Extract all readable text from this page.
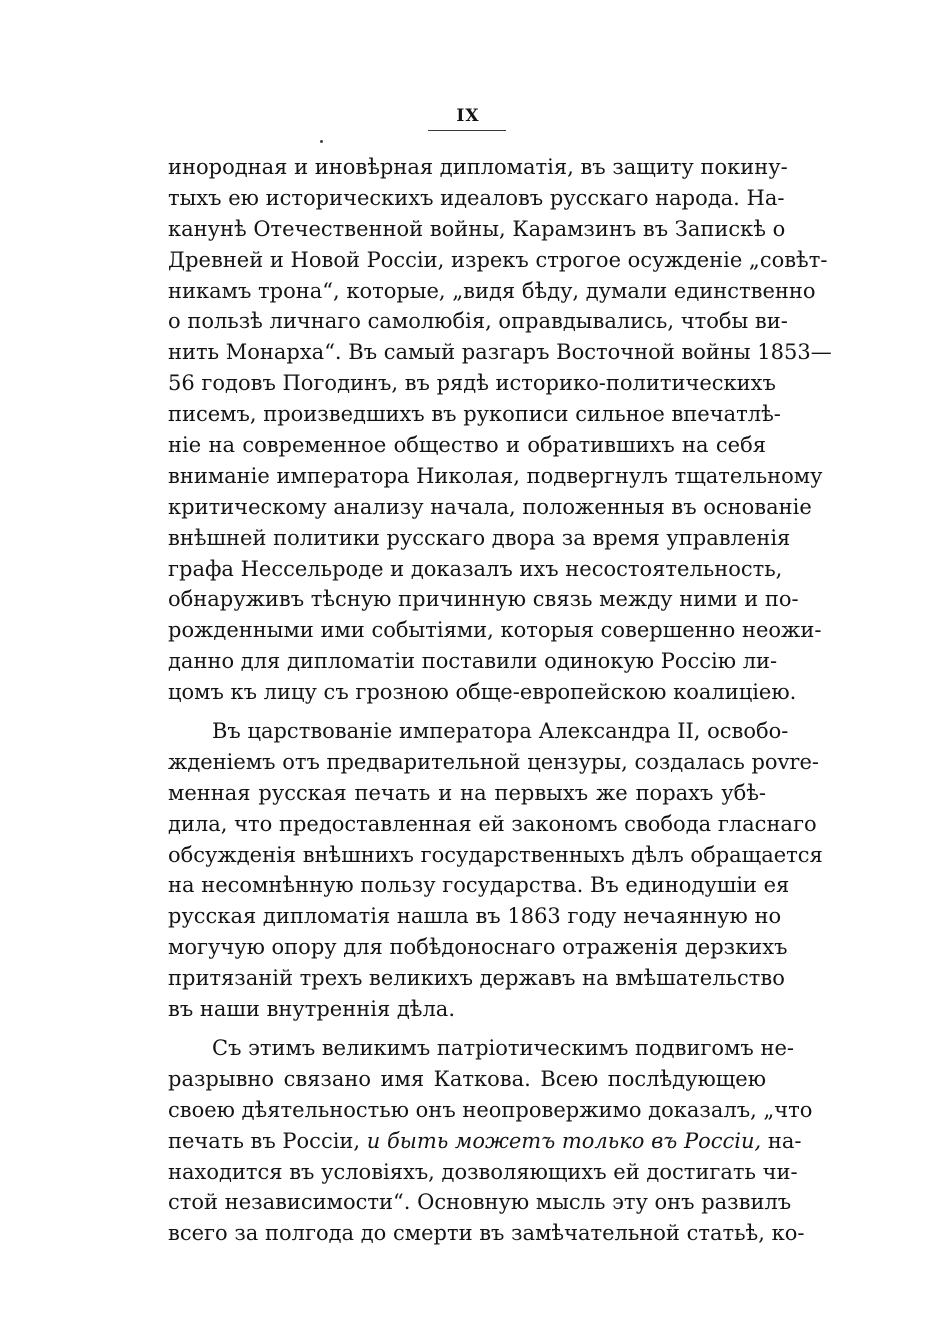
IX
инородная и иновѣрная дипломатія, въ защиту покину-
тыхъ ею историческихъ идеаловъ русскаго народа. На-
канунѣ Отечественной войны, Карамзинъ въ Запискѣ о
Древней и Новой Россіи, изрекъ строгое осужденіе „совѣт-
никамъ трона“, которые, „видя бѣду, думали единственно
о пользѣ личнаго самолюбія, оправдывались, чтобы ви-
нить Монарха“. Въ самый разгаръ Восточной войны 1853—
56 годовъ Погодинъ, въ рядѣ историко-политическихъ
писемъ, произведшихъ въ рукописи сильное впечатлѣ-
ніе на современное общество и обратившихъ на себя
вниманіе императора Николая, подвергнулъ тщательному
критическому анализу начала, положенныя въ основаніе
внѣшней политики русскаго двора за время управленія
графа Нессельроде и доказалъ ихъ несостоятельность,
обнаруживъ тѣсную причинную связь между ними и по-
рожденными ими событіями, которыя совершенно неожи-
данно для дипломатіи поставили одинокую Россію ли-
цомъ къ лицу съ грозною обще-европейскою коалиціею.
Въ царствованіе императора Александра II, освобо-
жденіемъ отъ предварительной цензуры, создалась povre-
менная русская печать и на первыхъ же порахъ убѣ-
дила, что предоставленная ей закономъ свобода гласнаго
обсужденія внѣшнихъ государственныхъ дѣлъ обращается
на несомнѣнную пользу государства. Въ единодушіи ея
русская дипломатія нашла въ 1863 году нечаянную но
могучую опору для побѣдоноснаго отраженія дерзкихъ
притязаній трехъ великихъ державъ на вмѣшательство
въ наши внутреннія дѣла.
Съ этимъ великимъ патріотическимъ подвигомъ не-
разрывно связано имя Каткова. Всею послѣдующею
своею дѣятельностью онъ неопровержимо доказалъ, „что
печать въ Россіи, и быть можетъ только въ Россіи, на-
находится въ условіяхъ, дозволяющихъ ей достигать чи-
стой независимости“. Основную мысль эту онъ развилъ
всего за полгода до смерти въ замѣчательной статьѣ, ко-
